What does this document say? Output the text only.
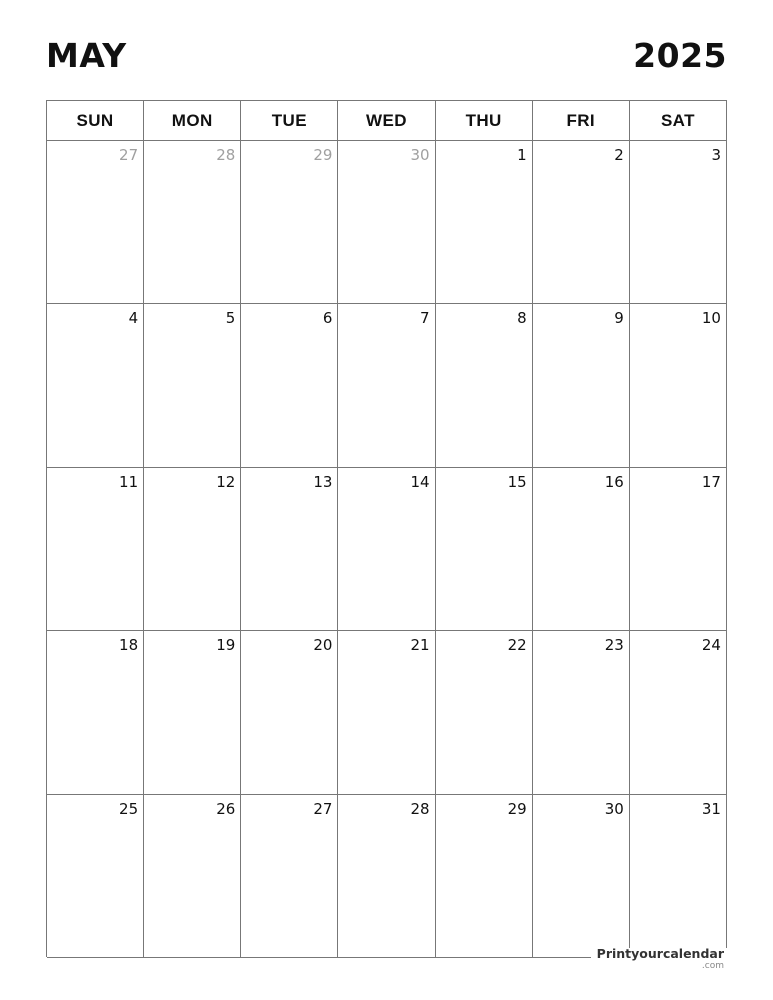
MAY	2025
SUN	MON	TUE	WED	THU	FRI	SAT
27	28	29	30	1	2	3
4	5	6	7	8	9	10
11	12	13	14	15	16	17
18	19	20	21	22	23	24
25	26	27	28	29	30	31
Printyourcalendar
.com
